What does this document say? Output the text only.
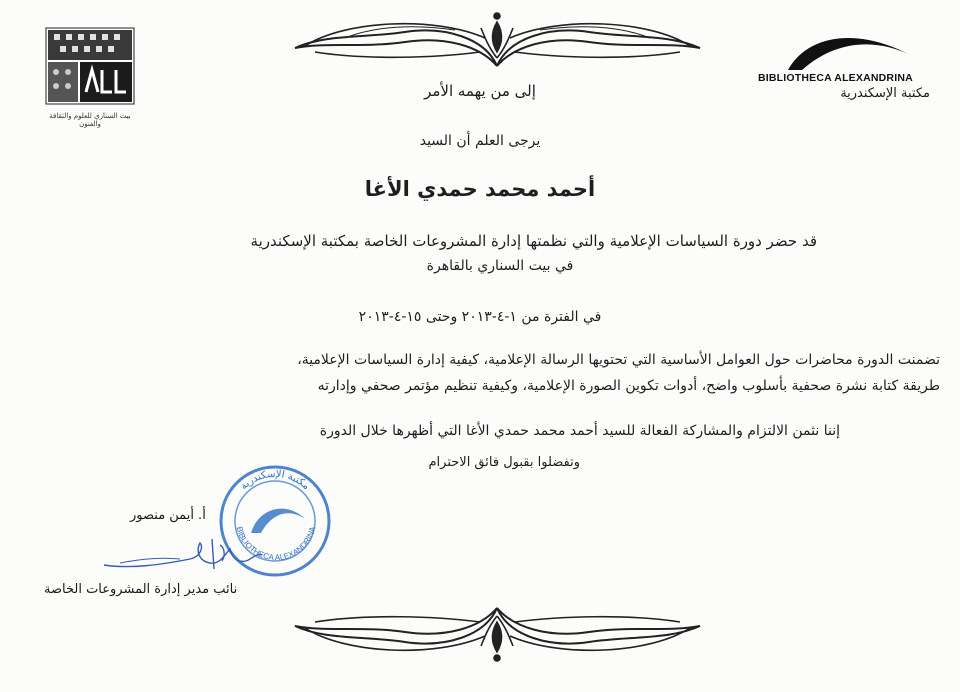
بيت السناري للعلوم والثقافة والفنون
BIBLIOTHECA ALEXANDRINA
مكتبة الإسكندرية
إلى من يهمه الأمر
يرجى العلم أن السيد
أحمد محمد حمدي الأغا
قد حضر دورة السياسات الإعلامية والتي نظمتها إدارة المشروعات الخاصة بمكتبة الإسكندرية
في بيت السناري بالقاهرة
في الفترة من ١-٤-٢٠١٣ وحتى ١٥-٤-٢٠١٣
تضمنت الدورة محاضرات حول العوامل الأساسية التي تحتويها الرسالة الإعلامية، كيفية إدارة السياسات الإعلامية،
طريقة كتابة نشرة صحفية بأسلوب واضح، أدوات تكوين الصورة الإعلامية، وكيفية تنظيم مؤتمر صحفي وإدارته
إننا نثمن الالتزام والمشاركة الفعالة للسيد أحمد محمد حمدي الأغا التي أظهرها خلال الدورة
وتفضلوا بقبول فائق الاحترام
مكتبة الإسكندرية
BIBLIOTHECA ALEXANDRINA
أ. أيمن منصور
نائب مدير إدارة المشروعات الخاصة
